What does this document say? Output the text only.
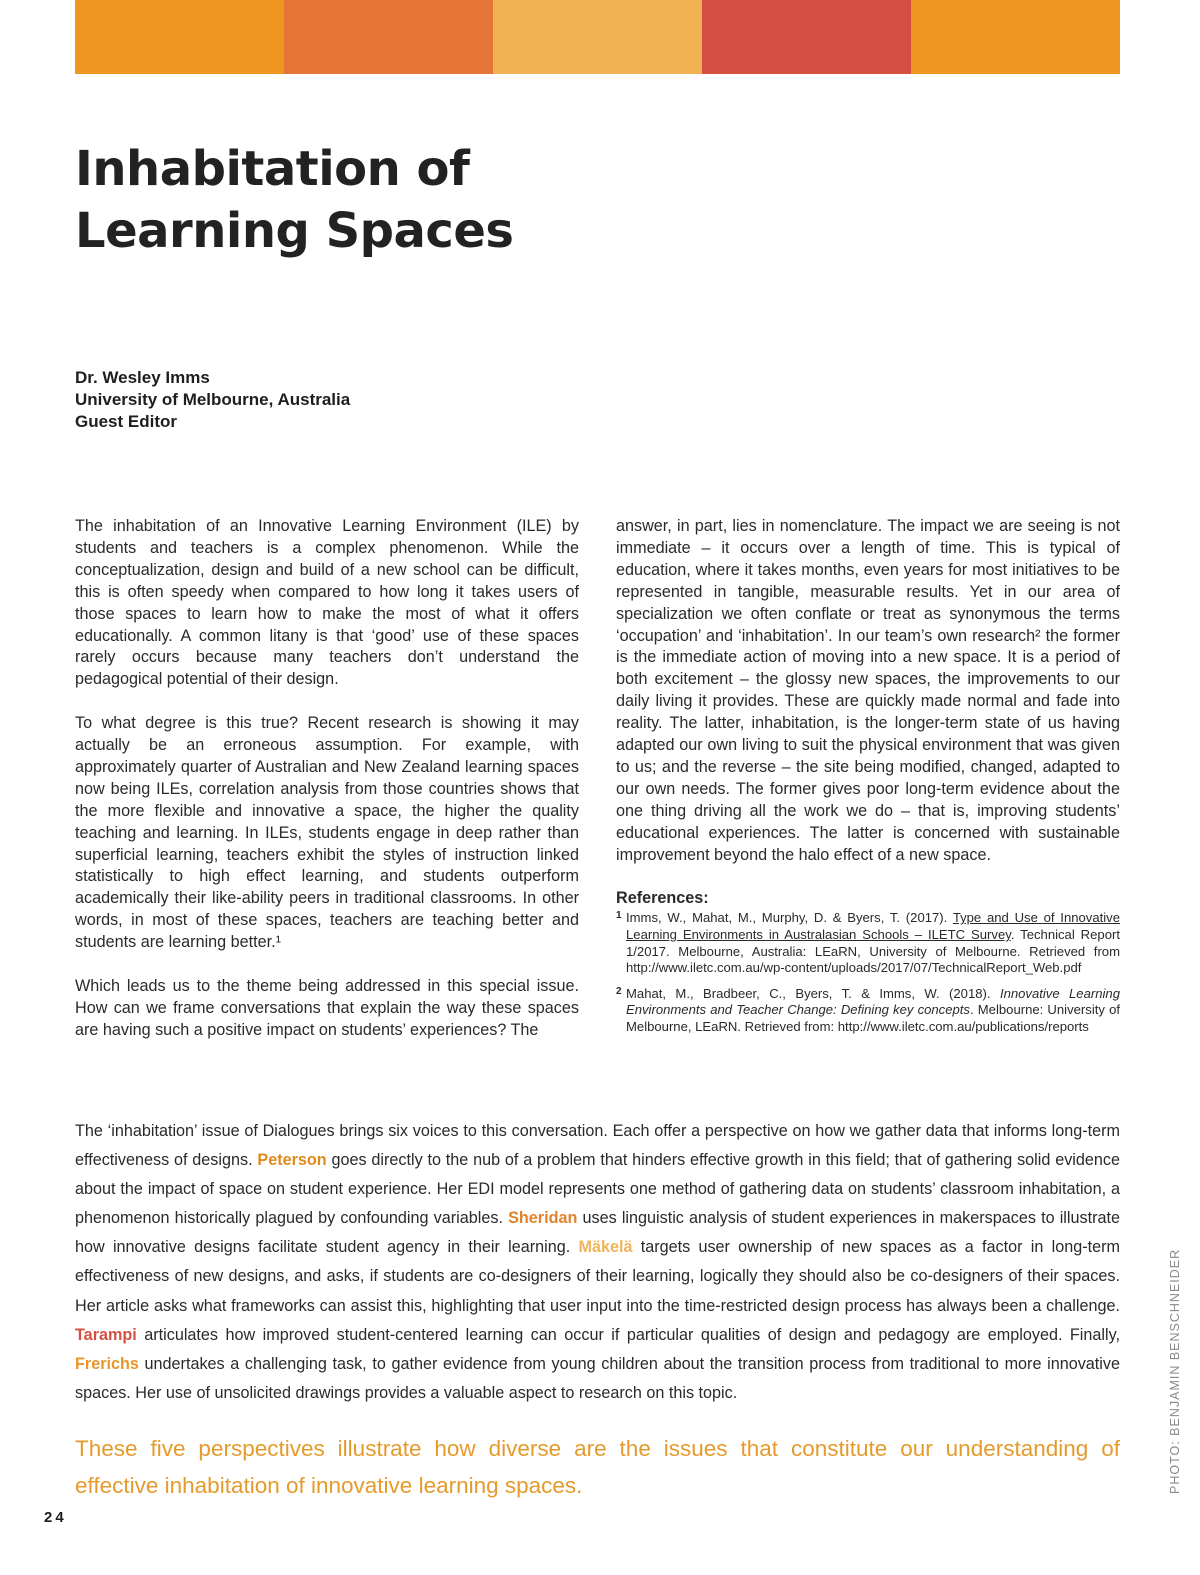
Inhabitation of
Learning Spaces
Dr. Wesley Imms
University of Melbourne, Australia
Guest Editor

The inhabitation of an Innovative Learning Environment (ILE) by students and teachers is a complex phenomenon. While the conceptualization, design and build of a new school can be difficult, this is often speedy when compared to how long it takes users of those spaces to learn how to make the most of what it offers educationally. A common litany is that ‘good’ use of these spaces rarely occurs because many teachers don’t understand the pedagogical potential of their design.

To what degree is this true? Recent research is showing it may actually be an erroneous assumption. For example, with approximately quarter of Australian and New Zealand learning spaces now being ILEs, correlation analysis from those countries shows that the more flexible and innovative a space, the higher the quality teaching and learning. In ILEs, students engage in deep rather than superficial learning, teachers exhibit the styles of instruction linked statistically to high effect learning, and students outperform academically their like-ability peers in traditional classrooms. In other words, in most of these spaces, teachers are teaching better and students are learning better.¹

Which leads us to the theme being addressed in this special issue. How can we frame conversations that explain the way these spaces are having such a positive impact on students’ experiences? The

answer, in part, lies in nomenclature. The impact we are seeing is not immediate – it occurs over a length of time. This is typical of education, where it takes months, even years for most initiatives to be represented in tangible, measurable results. Yet in our area of specialization we often conflate or treat as synonymous the terms ‘occupation’ and ‘inhabitation’. In our team’s own research² the former is the immediate action of moving into a new space. It is a period of both excitement – the glossy new spaces, the improvements to our daily living it provides. These are quickly made normal and fade into reality. The latter, inhabitation, is the longer-term state of us having adapted our own living to suit the physical environment that was given to us; and the reverse – the site being modified, changed, adapted to our own needs. The former gives poor long-term evidence about the one thing driving all the work we do – that is, improving students’ educational experiences. The latter is concerned with sustainable improvement beyond the halo effect of a new space.

References:
1 Imms, W., Mahat, M., Murphy, D. & Byers, T. (2017). Type and Use of Innovative Learning Environments in Australasian Schools – ILETC Survey. Technical Report 1/2017. Melbourne, Australia: LEaRN, University of Melbourne. Retrieved from http://www.iletc.com.au/wp-content/uploads/2017/07/TechnicalReport_Web.pdf
2 Mahat, M., Bradbeer, C., Byers, T. & Imms, W. (2018). Innovative Learning Environments and Teacher Change: Defining key concepts. Melbourne: University of Melbourne, LEaRN. Retrieved from: http://www.iletc.com.au/publications/reports

The ‘inhabitation’ issue of Dialogues brings six voices to this conversation. Each offer a perspective on how we gather data that informs long-term effectiveness of designs. Peterson goes directly to the nub of a problem that hinders effective growth in this field; that of gathering solid evidence about the impact of space on student experience. Her EDI model represents one method of gathering data on students’ classroom inhabitation, a phenomenon historically plagued by confounding variables. Sheridan uses linguistic analysis of student experiences in makerspaces to illustrate how innovative designs facilitate student agency in their learning. Mäkelä targets user ownership of new spaces as a factor in long-term effectiveness of new designs, and asks, if students are co-designers of their learning, logically they should also be co-designers of their spaces. Her article asks what frameworks can assist this, highlighting that user input into the time-restricted design process has always been a challenge. Tarampi articulates how improved student-centered learning can occur if particular qualities of design and pedagogy are employed. Finally, Frerichs undertakes a challenging task, to gather evidence from young children about the transition process from traditional to more innovative spaces. Her use of unsolicited drawings provides a valuable aspect to research on this topic.

These five perspectives illustrate how diverse are the issues that constitute our understanding of effective inhabitation of innovative learning spaces.

24
PHOTO: BENJAMIN BENSCHNEIDER
